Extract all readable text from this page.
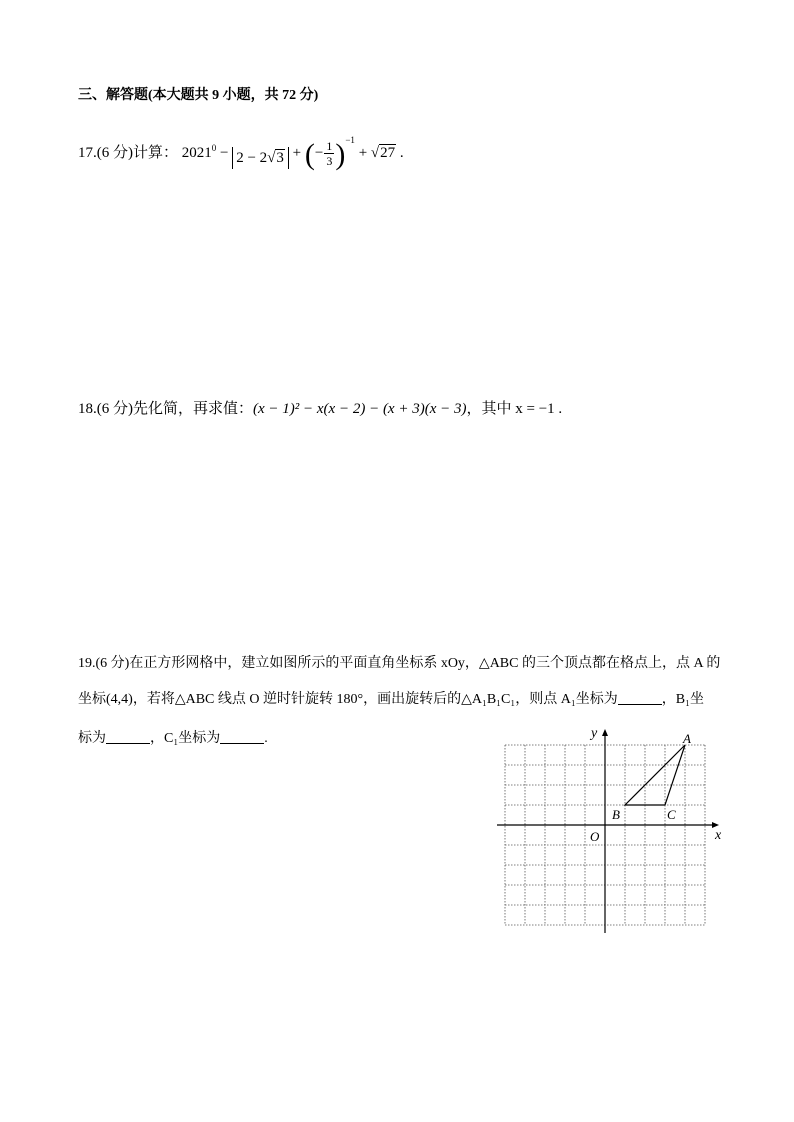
三、解答题(本大题共 9 小题，共 72 分)
17.(6 分)计算： $2021^0 - 2 - 2√3$ + (− $\frac{1}{3} )^{-1} + √27$ .
18.(6 分)先化简，再求值：(x − 1)² − x(x − 2) − (x + 3)(x − 3)，其中 x = −1 .
19.(6 分)在正方形网格中，建立如图所示的平面直角坐标系 xOy，△ABC 的三个顶点都在格点上，点 A 的
坐标(4,4)，若将△ABC 线点 O 逆时针旋转 180°，画出旋转后的△A₁B₁C₁，则点 A₁坐标为	，B₁坐
标为	，C₁坐标为	.
x
y
O
A
B	C
